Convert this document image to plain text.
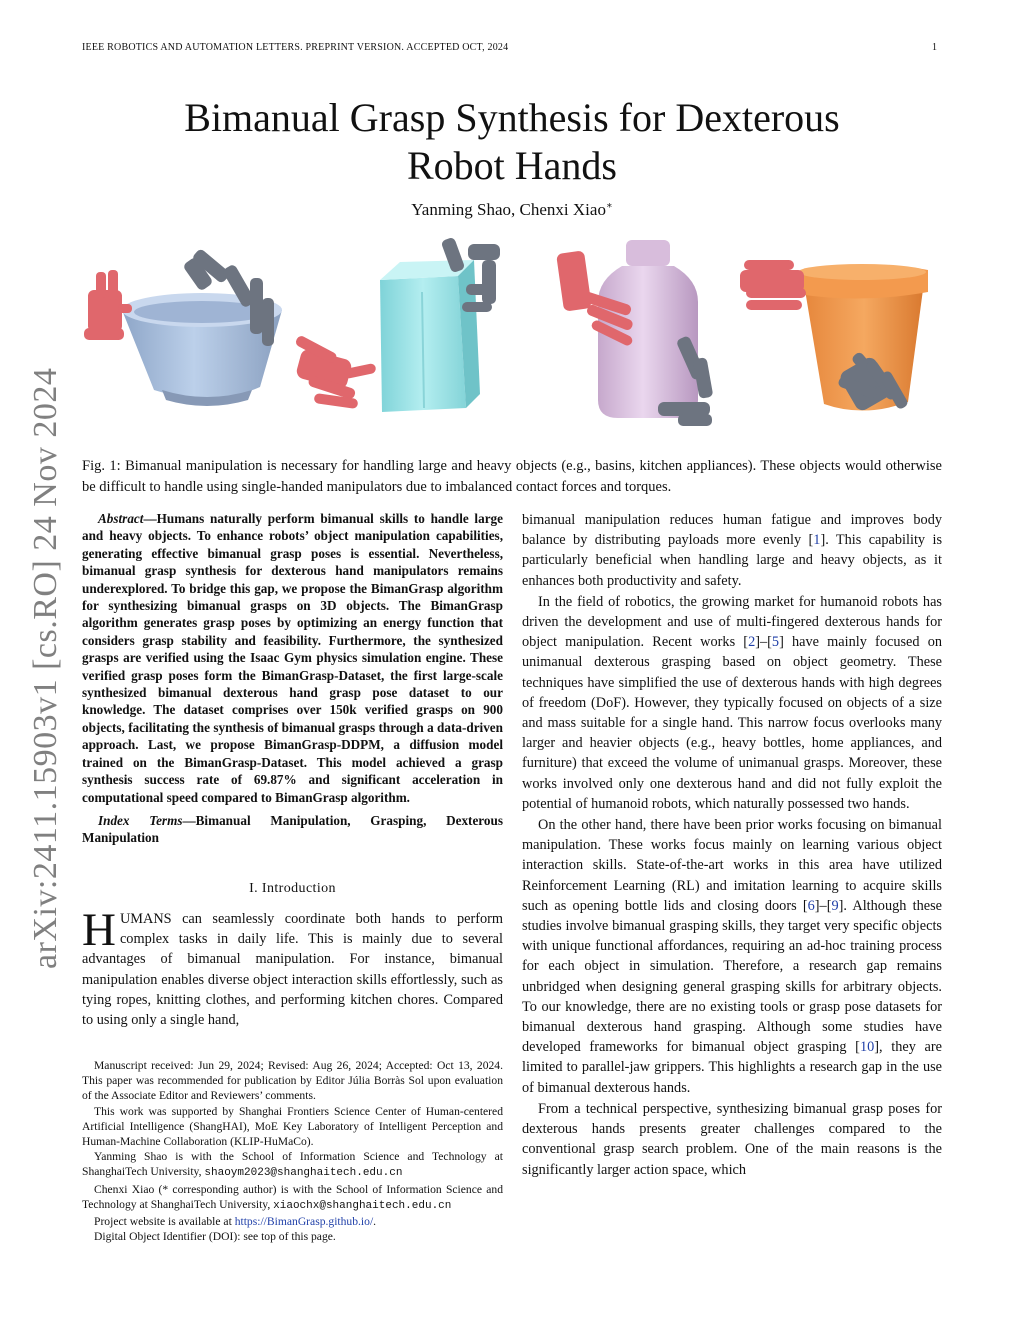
IEEE ROBOTICS AND AUTOMATION LETTERS. PREPRINT VERSION. ACCEPTED OCT, 2024	1
Bimanual Grasp Synthesis for Dexterous
Robot Hands
Yanming Shao, Chenxi Xiao∗
arXiv:2411.15903v1 [cs.RO] 24 Nov 2024 Fig. 1: Bimanual manipulation is necessary for handling large and heavy objects (e.g., basins, kitchen appliances). These objects would otherwise be difficult to handle using single-handed manipulators due to imbalanced contact forces and torques.

Abstract—Humans naturally perform bimanual skills to handle large and heavy objects. To enhance robots’ object manipulation capabilities, generating effective bimanual grasp poses is essential. Nevertheless, bimanual grasp synthesis for dexterous hand manipulators remains underexplored. To bridge this gap, we propose the BimanGrasp algorithm for synthesizing bimanual grasps on 3D objects. The BimanGrasp algorithm generates grasp poses by optimizing an energy function that considers grasp stability and feasibility. Furthermore, the synthesized grasps are verified using the Isaac Gym physics simulation engine. These verified grasp poses form the BimanGrasp-Dataset, the first large-scale synthesized bimanual dexterous hand grasp pose dataset to our knowledge. The dataset comprises over 150k verified grasps on 900 objects, facilitating the synthesis of bimanual grasps through a data-driven approach. Last, we propose BimanGrasp-DDPM, a diffusion model trained on the BimanGrasp-Dataset. This model achieved a grasp synthesis success rate of 69.87% and significant acceleration in computational speed compared to BimanGrasp algorithm.

Index Terms—Bimanual Manipulation, Grasping, Dexterous Manipulation

I. Introduction

HUMANS can seamlessly coordinate both hands to perform complex tasks in daily life. This is mainly due to several advantages of bimanual manipulation. For instance, bimanual manipulation enables diverse object interaction skills effortlessly, such as tying ropes, knitting clothes, and performing kitchen chores. Compared to using only a single hand,

Manuscript received: Jun 29, 2024; Revised: Aug 26, 2024; Accepted: Oct 13, 2024. This paper was recommended for publication by Editor Júlia Borràs Sol upon evaluation of the Associate Editor and Reviewers’ comments.

This work was supported by Shanghai Frontiers Science Center of Human-centered Artificial Intelligence (ShangHAI), MoE Key Laboratory of Intelligent Perception and Human-Machine Collaboration (KLIP-HuMaCo).

Yanming Shao is with the School of Information Science and Technology at ShanghaiTech University, shaoym2023@shanghaitech.edu.cn

Chenxi Xiao (* corresponding author) is with the School of Information Science and Technology at ShanghaiTech University, xiaochx@shanghaitech.edu.cn

Project website is available at https://BimanGrasp.github.io/.

Digital Object Identifier (DOI): see top of this page.

bimanual manipulation reduces human fatigue and improves body balance by distributing payloads more evenly [1]. This capability is particularly beneficial when handling large and heavy objects, as it enhances both productivity and safety.

In the field of robotics, the growing market for humanoid robots has driven the development and use of multi-fingered dexterous hands for object manipulation. Recent works [2]–[5] have mainly focused on unimanual dexterous grasping based on object geometry. These techniques have simplified the use of dexterous hands with high degrees of freedom (DoF). However, they typically focused on objects of a size and mass suitable for a single hand. This narrow focus overlooks many larger and heavier objects (e.g., heavy bottles, home appliances, and furniture) that exceed the volume of unimanual grasps. Moreover, these works involved only one dexterous hand and did not fully exploit the potential of humanoid robots, which naturally possessed two hands.

On the other hand, there have been prior works focusing on bimanual manipulation. These works focus mainly on learning various object interaction skills. State-of-the-art works in this area have utilized Reinforcement Learning (RL) and imitation learning to acquire skills such as opening bottle lids and closing doors [6]–[9]. Although these studies involve bimanual grasping skills, they target very specific objects with unique functional affordances, requiring an ad-hoc training process for each object in simulation. Therefore, a research gap remains unbridged when designing general grasping skills for arbitrary objects. To our knowledge, there are no existing tools or grasp pose datasets for bimanual dexterous hand grasping. Although some studies have developed frameworks for bimanual object grasping [10], they are limited to parallel-jaw grippers. This highlights a research gap in the use of bimanual dexterous hands.

From a technical perspective, synthesizing bimanual grasp poses for dexterous hands presents greater challenges compared to the conventional grasp search problem. One of the main reasons is the significantly larger action space, which
